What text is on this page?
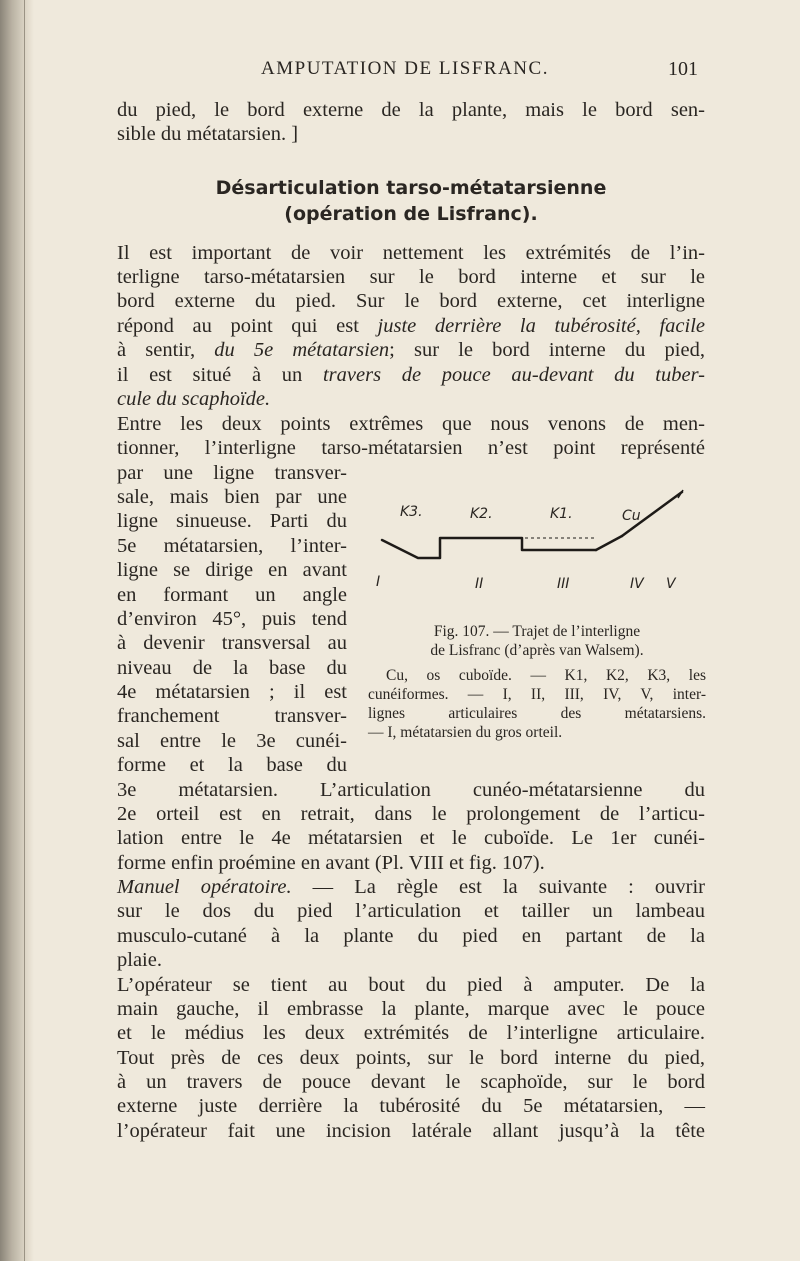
AMPUTATION DE LISFRANC.	101
du pied, le bord externe de la plante, mais le bord sen-
sible du métatarsien. ]
Désarticulation tarso-métatarsienne
(opération de Lisfranc).
Il est important de voir nettement les extrémités de l’in-
terligne tarso-métatarsien sur le bord interne et sur le
bord externe du pied. Sur le bord externe, cet interligne
répond au point qui est juste derrière la tubérosité, facile
à sentir, du 5e métatarsien; sur le bord interne du pied,
il est situé à un travers de pouce au-devant du tuber-
cule du scaphoïde.
Entre les deux points extrêmes que nous venons de men-
tionner, l’interligne tarso-métatarsien n’est point représenté
par une ligne transver-
sale, mais bien par une
ligne sinueuse. Parti du
5e métatarsien, l’inter-
ligne se dirige en avant
en formant un angle
d’environ 45°, puis tend
à devenir transversal au
niveau de la base du
4e métatarsien ; il est
franchement transver-
sal entre le 3e cunéi-
forme et la base du
K3.	K2.	K1.	Cu
I	II	III	IV V
Fig. 107. — Trajet de l’interligne
de Lisfranc (d’après van Walsem).
Cu, os cuboïde. — K1, K2, K3, les
cunéiformes. — I, II, III, IV, V, inter-
lignes articulaires des métatarsiens.
— I, métatarsien du gros orteil.
3e métatarsien. L’articulation cunéo-métatarsienne du
2e orteil est en retrait, dans le prolongement de l’articu-
lation entre le 4e métatarsien et le cuboïde. Le 1er cunéi-
forme enfin proémine en avant (Pl. VIII et fig. 107).
Manuel opératoire. — La règle est la suivante : ouvrir
sur le dos du pied l’articulation et tailler un lambeau
musculo-cutané à la plante du pied en partant de la
plaie.
L’opérateur se tient au bout du pied à amputer. De la
main gauche, il embrasse la plante, marque avec le pouce
et le médius les deux extrémités de l’interligne articulaire.
Tout près de ces deux points, sur le bord interne du pied,
à un travers de pouce devant le scaphoïde, sur le bord
externe juste derrière la tubérosité du 5e métatarsien, —
l’opérateur fait une incision latérale allant jusqu’à la tête
